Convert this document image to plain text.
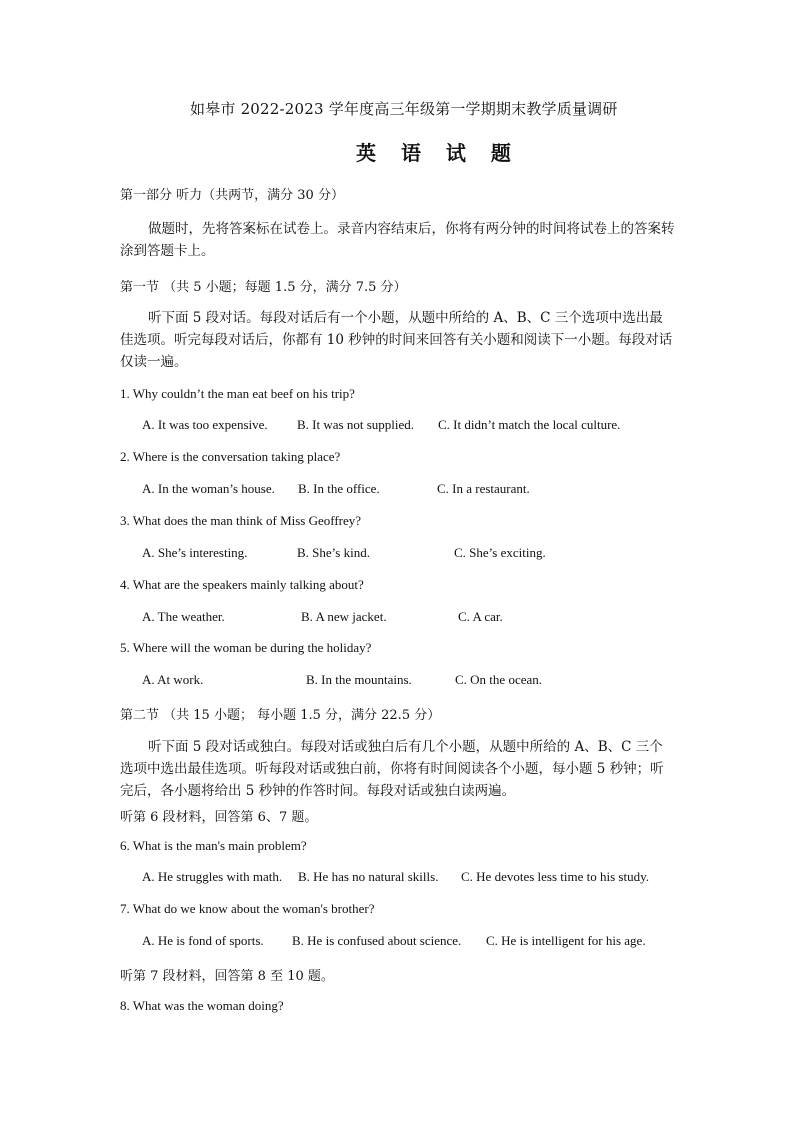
如皋市 2022-2023 学年度高三年级第一学期期末教学质量调研
英 语 试 题
第一部分 听力（共两节，满分 30 分）
做题时，先将答案标在试卷上。录音内容结束后，你将有两分钟的时间将试卷上的答案转涂到答题卡上。
第一节 （共 5 小题；每题 1.5 分，满分 7.5 分）
听下面 5 段对话。每段对话后有一个小题，从题中所给的 A、B、C 三个选项中选出最佳选项。听完每段对话后，你都有 10 秒钟的时间来回答有关小题和阅读下一小题。每段对话仅读一遍。
1. Why couldn’t the man eat beef on his trip?
A. It was too expensive. B. It was not supplied. C. It didn’t match the local culture.
2. Where is the conversation taking place?
A. In the woman’s house. B. In the office.	C. In a restaurant.
3. What does the man think of Miss Geoffrey?
A. She’s interesting.	B. She’s kind.	C. She’s exciting.
4. What are the speakers mainly talking about?
A. The weather.	B. A new jacket.	C. A car.
5. Where will the woman be during the holiday?
A. At work.	B. In the mountains.	C. On the ocean.
第二节 （共 15 小题； 每小题 1.5 分，满分 22.5 分）
听下面 5 段对话或独白。每段对话或独白后有几个小题，从题中所给的 A、B、C 三个选项中选出最佳选项。听每段对话或独白前，你将有时间阅读各个小题，每小题 5 秒钟；听完后，各小题将给出 5 秒钟的作答时间。每段对话或独白读两遍。
听第 6 段材料，回答第 6、7 题。
6. What is the man's main problem?
A. He struggles with math. B. He has no natural skills. C. He devotes less time to his study.
7. What do we know about the woman's brother?
A. He is fond of sports. B. He is confused about science. C. He is intelligent for his age.
听第 7 段材料，回答第 8 至 10 题。
8. What was the woman doing?
